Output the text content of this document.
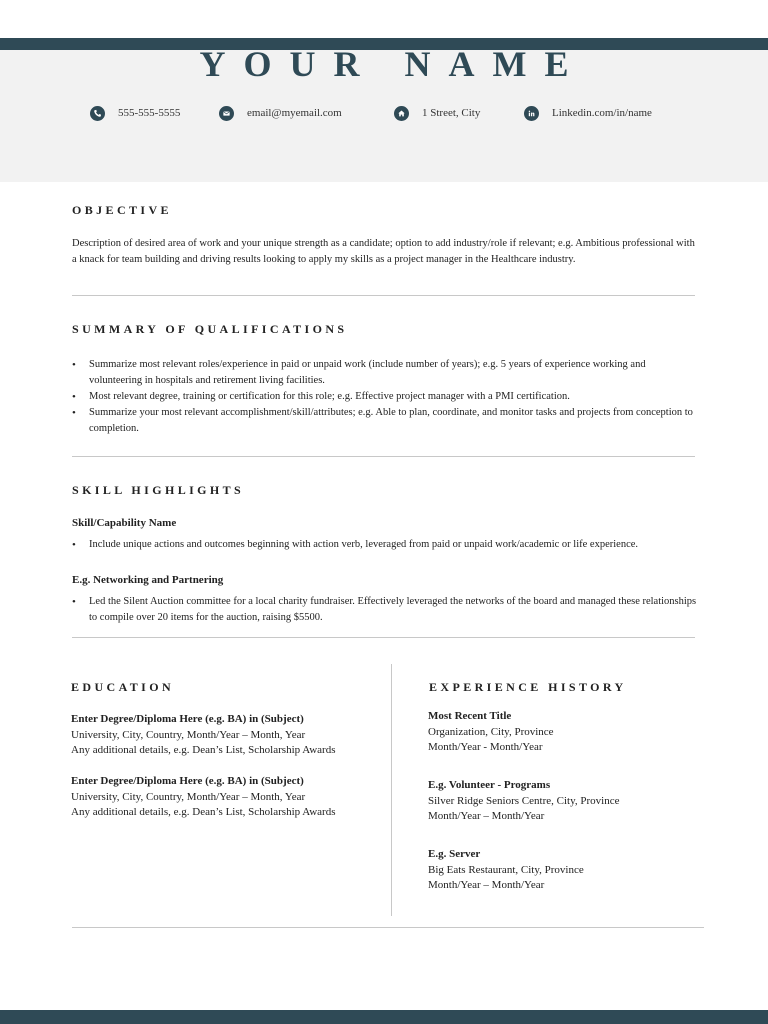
YOUR NAME
555-555-5555	email@myemail.com	1 Street, City	Linkedin.com/in/name
OBJECTIVE
Description of desired area of work and your unique strength as a candidate; option to add industry/role if relevant; e.g. Ambitious professional with a knack for team building and driving results looking to apply my skills as a project manager in the Healthcare industry.
SUMMARY OF QUALIFICATIONS
• Summarize most relevant roles/experience in paid or unpaid work (include number of years); e.g. 5 years of experience working and volunteering in hospitals and retirement living facilities.
• Most relevant degree, training or certification for this role; e.g. Effective project manager with a PMI certification.
• Summarize your most relevant accomplishment/skill/attributes; e.g. Able to plan, coordinate, and monitor tasks and projects from conception to completion.
SKILL HIGHLIGHTS
Skill/Capability Name
• Include unique actions and outcomes beginning with action verb, leveraged from paid or unpaid work/academic or life experience.
E.g. Networking and Partnering
• Led the Silent Auction committee for a local charity fundraiser. Effectively leveraged the networks of the board and managed these relationships to compile over 20 items for the auction, raising $5500.
EDUCATION
Enter Degree/Diploma Here (e.g. BA) in (Subject)
University, City, Country, Month/Year – Month, Year
Any additional details, e.g. Dean’s List, Scholarship Awards
Enter Degree/Diploma Here (e.g. BA) in (Subject)
University, City, Country, Month/Year – Month, Year
Any additional details, e.g. Dean’s List, Scholarship Awards
EXPERIENCE HISTORY
Most Recent Title
Organization, City, Province
Month/Year - Month/Year
E.g. Volunteer - Programs
Silver Ridge Seniors Centre, City, Province
Month/Year – Month/Year
E.g. Server
Big Eats Restaurant, City, Province
Month/Year – Month/Year
